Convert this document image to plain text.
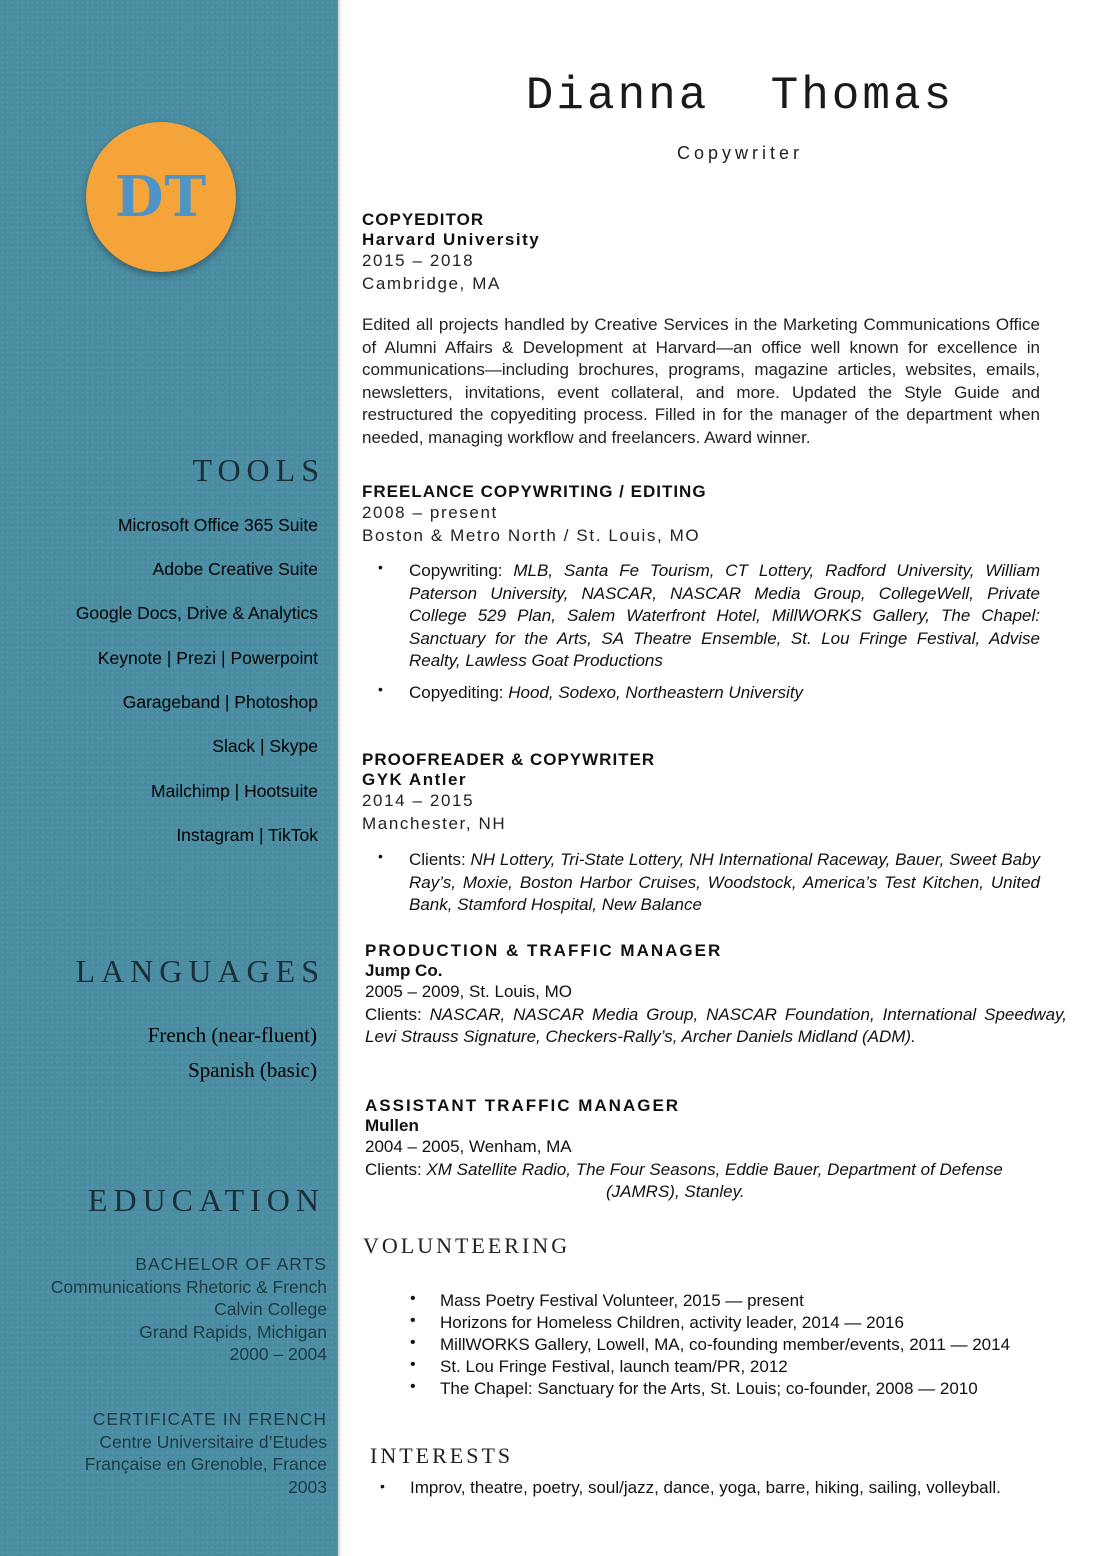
DT
TOOLS
Microsoft Office 365 Suite
Adobe Creative Suite
Google Docs, Drive & Analytics
Keynote | Prezi | Powerpoint
Garageband | Photoshop
Slack | Skype
Mailchimp | Hootsuite
Instagram | TikTok
LANGUAGES
French (near-fluent)
Spanish (basic)
EDUCATION
BACHELOR OF ARTS
Communications Rhetoric & French
Calvin College
Grand Rapids, Michigan
2000 – 2004
CERTIFICATE IN FRENCH
Centre Universitaire d’Etudes
Française en Grenoble, France
2003
Dianna  Thomas
Copywriter
COPYEDITOR
Harvard University
2015 – 2018
Cambridge, MA
Edited all projects handled by Creative Services in the Marketing Communications Office of Alumni Affairs & Development at Harvard—an office well known for excellence in communications—including brochures, programs, magazine articles, websites, emails, newsletters, invitations, event collateral, and more. Updated the Style Guide and restructured the copyediting process. Filled in for the manager of the department when needed, managing workflow and freelancers. Award winner.
FREELANCE COPYWRITING / EDITING
2008 – present
Boston & Metro North / St. Louis, MO
• Copywriting: MLB, Santa Fe Tourism, CT Lottery, Radford University, William Paterson University, NASCAR, NASCAR Media Group, CollegeWell, Private College 529 Plan, Salem Waterfront Hotel, MillWORKS Gallery, The Chapel: Sanctuary for the Arts, SA Theatre Ensemble, St. Lou Fringe Festival, Advise Realty, Lawless Goat Productions
• Copyediting: Hood, Sodexo, Northeastern University
PROOFREADER & COPYWRITER
GYK Antler
2014 – 2015
Manchester, NH
• Clients: NH Lottery, Tri-State Lottery, NH International Raceway, Bauer, Sweet Baby Ray’s, Moxie, Boston Harbor Cruises, Woodstock, America’s Test Kitchen, United Bank, Stamford Hospital, New Balance
PRODUCTION & TRAFFIC MANAGER
Jump Co.
2005 – 2009, St. Louis, MO
Clients: NASCAR, NASCAR Media Group, NASCAR Foundation, International Speedway, Levi Strauss Signature, Checkers-Rally’s, Archer Daniels Midland (ADM).
ASSISTANT TRAFFIC MANAGER
Mullen
2004 – 2005, Wenham, MA
Clients: XM Satellite Radio, The Four Seasons, Eddie Bauer, Department of Defense
(JAMRS), Stanley.
VOLUNTEERING
• Mass Poetry Festival Volunteer, 2015 — present
• Horizons for Homeless Children, activity leader, 2014 — 2016
• MillWORKS Gallery, Lowell, MA, co-founding member/events, 2011 — 2014
• St. Lou Fringe Festival, launch team/PR, 2012
• The Chapel: Sanctuary for the Arts, St. Louis; co-founder, 2008 — 2010
INTERESTS
• Improv, theatre, poetry, soul/jazz, dance, yoga, barre, hiking, sailing, volleyball.
